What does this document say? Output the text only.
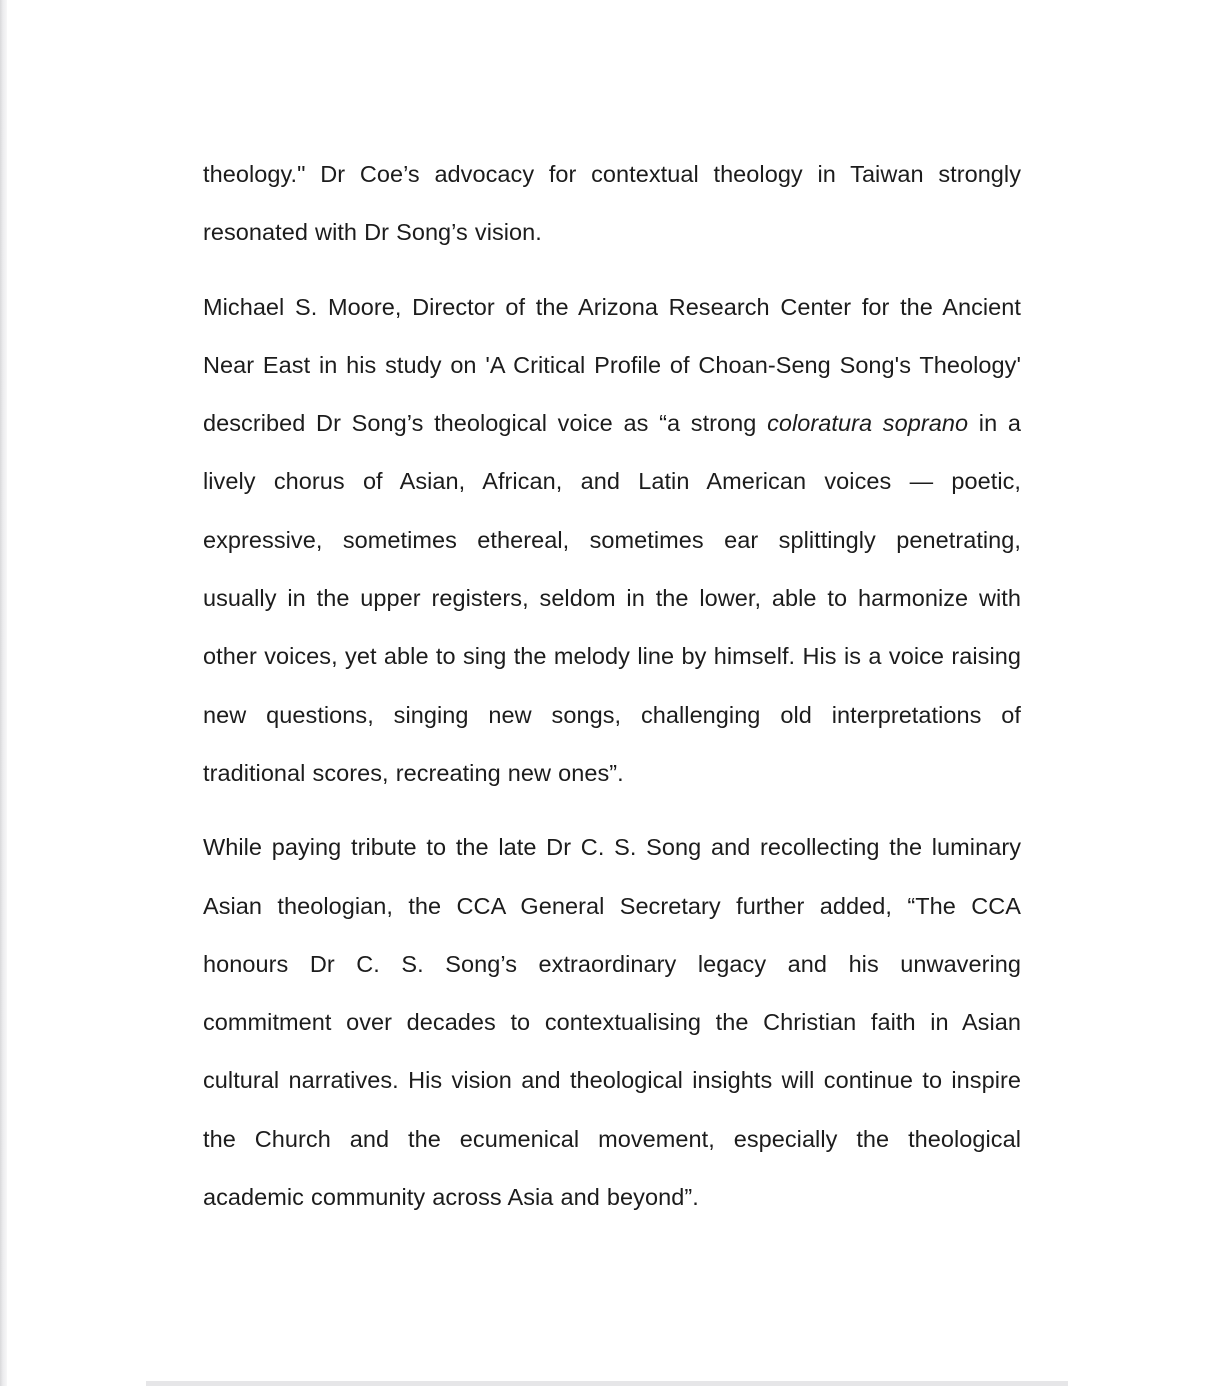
theology." Dr Coe’s advocacy for contextual theology in Taiwan strongly resonated with Dr Song’s vision.

Michael S. Moore, Director of the Arizona Research Center for the Ancient Near East in his study on 'A Critical Profile of Choan-Seng Song's Theology' described Dr Song’s theological voice as “a strong coloratura soprano in a lively chorus of Asian, African, and Latin American voices — poetic, expressive, sometimes ethereal, sometimes ear splittingly penetrating, usually in the upper registers, seldom in the lower, able to harmonize with other voices, yet able to sing the melody line by himself. His is a voice raising new questions, singing new songs, challenging old interpretations of traditional scores, recreating new ones”.

While paying tribute to the late Dr C. S. Song and recollecting the luminary Asian theologian, the CCA General Secretary further added, “The CCA honours Dr C. S. Song’s extraordinary legacy and his unwavering commitment over decades to contextualising the Christian faith in Asian cultural narratives. His vision and theological insights will continue to inspire the Church and the ecumenical movement, especially the theological academic community across Asia and beyond”.
